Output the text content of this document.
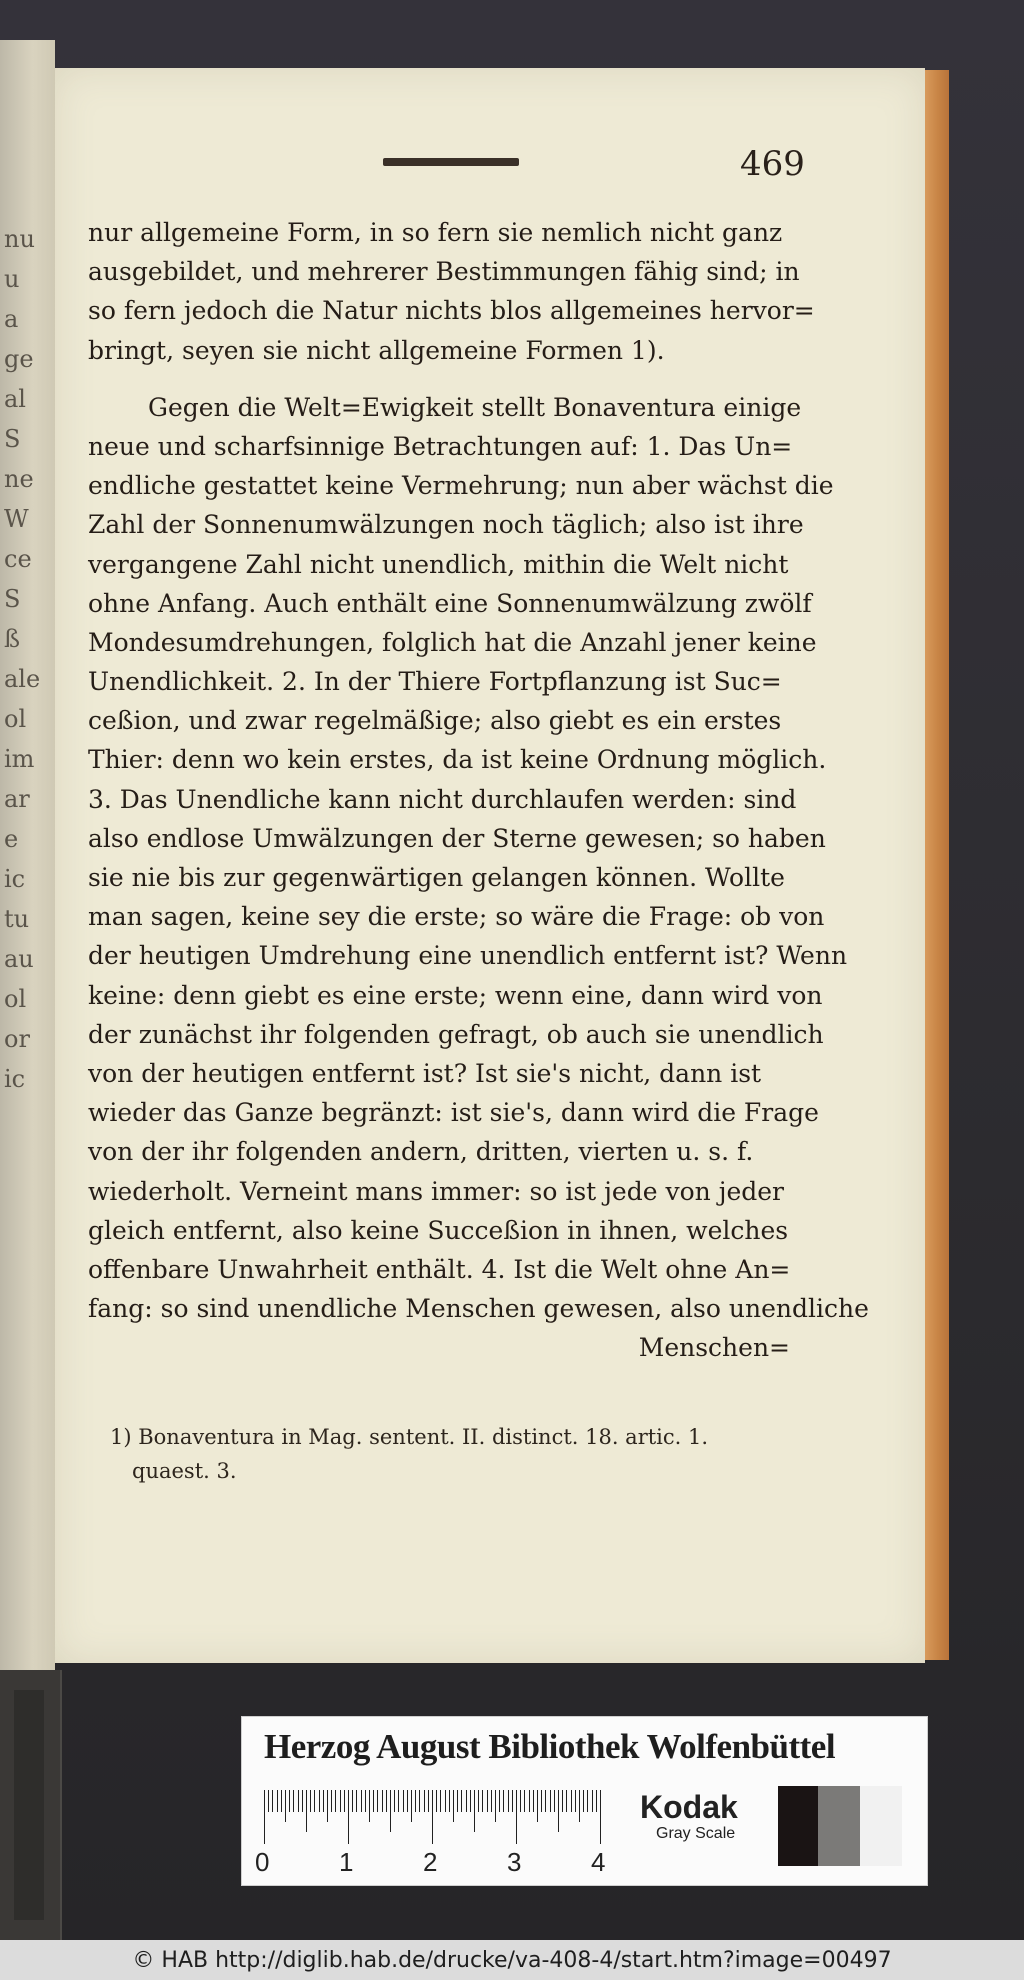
nu
u
a
ge
al
S
ne
W
ce
S
ß
ale
ol
im
ar
e
ic
tu
au
ol
or
ic
469
nur allgemeine Form, in so fern sie nemlich nicht ganz
ausgebildet, und mehrerer Bestimmungen fähig sind; in
so fern jedoch die Natur nichts blos allgemeines hervor=
bringt, seyen sie nicht allgemeine Formen 1).
Gegen die Welt=Ewigkeit stellt Bonaventura einige
neue und scharfsinnige Betrachtungen auf: 1. Das Un=
endliche gestattet keine Vermehrung; nun aber wächst die
Zahl der Sonnenumwälzungen noch täglich; also ist ihre
vergangene Zahl nicht unendlich, mithin die Welt nicht
ohne Anfang. Auch enthält eine Sonnenumwälzung zwölf
Mondesumdrehungen, folglich hat die Anzahl jener keine
Unendlichkeit. 2. In der Thiere Fortpflanzung ist Suc=
ceßion, und zwar regelmäßige; also giebt es ein erstes
Thier: denn wo kein erstes, da ist keine Ordnung möglich.
3. Das Unendliche kann nicht durchlaufen werden: sind
also endlose Umwälzungen der Sterne gewesen; so haben
sie nie bis zur gegenwärtigen gelangen können. Wollte
man sagen, keine sey die erste; so wäre die Frage: ob von
der heutigen Umdrehung eine unendlich entfernt ist? Wenn
keine: denn giebt es eine erste; wenn eine, dann wird von
der zunächst ihr folgenden gefragt, ob auch sie unendlich
von der heutigen entfernt ist? Ist sie's nicht, dann ist
wieder das Ganze begränzt: ist sie's, dann wird die Frage
von der ihr folgenden andern, dritten, vierten u. s. f.
wiederholt. Verneint mans immer: so ist jede von jeder
gleich entfernt, also keine Succeßion in ihnen, welches
offenbare Unwahrheit enthält. 4. Ist die Welt ohne An=
fang: so sind unendliche Menschen gewesen, also unendliche
Menschen=
1) Bonaventura in Mag. sentent. II. distinct. 18. artic. 1.
quaest. 3.
Herzog August Bibliothek Wolfenbüttel
0	1	2	3	4
Kodak
Gray Scale
© HAB http://diglib.hab.de/drucke/va-408-4/start.htm?image=00497
